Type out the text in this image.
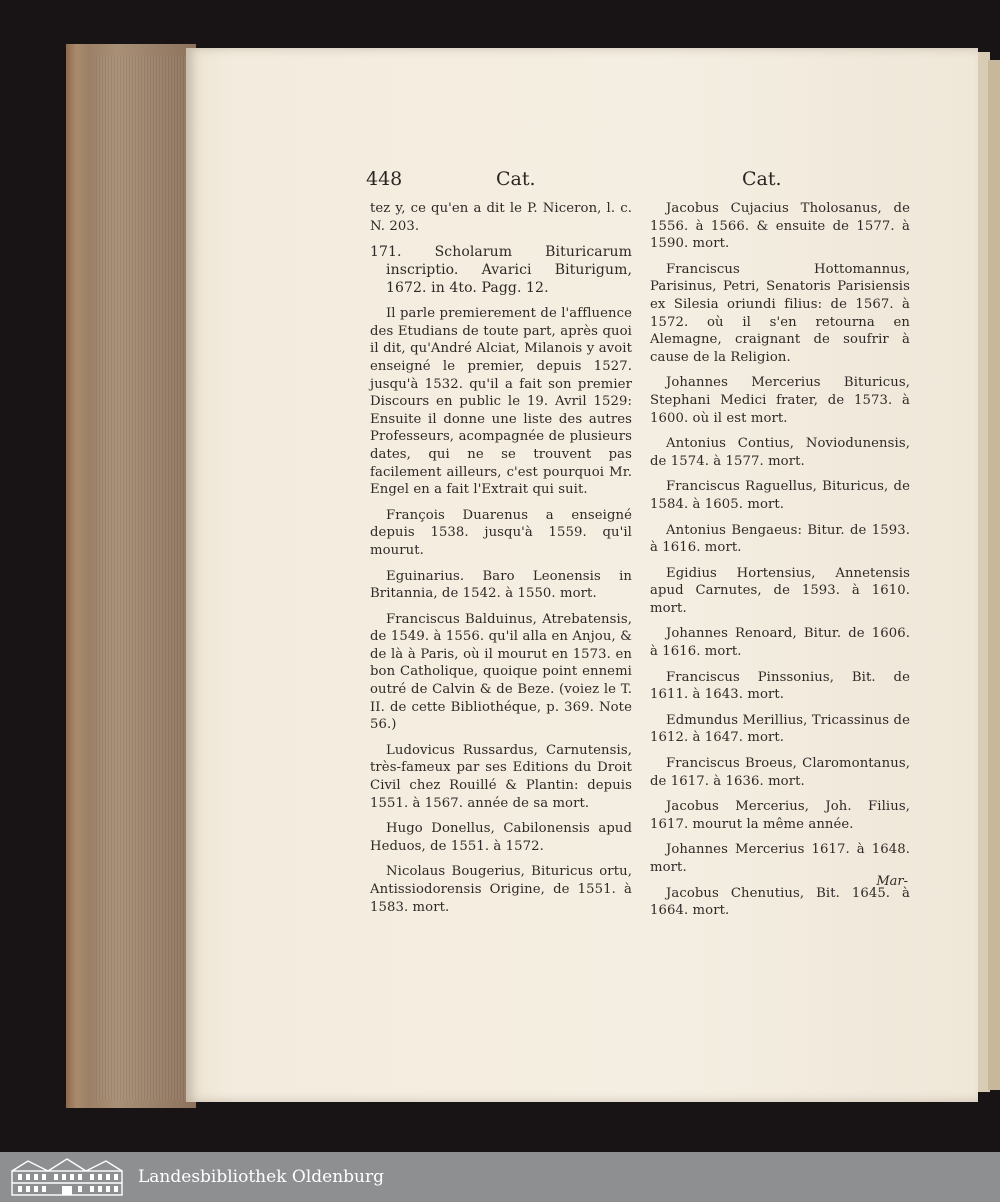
448	Cat.	Cat.

tez y, ce qu'en a dit le P. Niceron, l. c. N. 203.

171. Scholarum Bituricarum inscriptio. Avarici Biturigum, 1672. in 4to. Pagg. 12.

Il parle premierement de l'affluence des Etudians de toute part, après quoi il dit, qu'André Alciat, Milanois y avoit enseigné le premier, depuis 1527. jusqu'à 1532. qu'il a fait son premier Discours en public le 19. Avril 1529: Ensuite il donne une liste des autres Professeurs, acompagnée de plusieurs dates, qui ne se trouvent pas facilement ailleurs, c'est pourquoi Mr. Engel en a fait l'Extrait qui suit.

François Duarenus a enseigné depuis 1538. jusqu'à 1559. qu'il mourut.

Eguinarius. Baro Leonensis in Britannia, de 1542. à 1550. mort.

Franciscus Balduinus, Atrebatensis, de 1549. à 1556. qu'il alla en Anjou, & de là à Paris, où il mourut en 1573. en bon Catholique, quoique point ennemi outré de Calvin & de Beze. (voiez le T. II. de cette Bibliothéque, p. 369. Note 56.)

Ludovicus Russardus, Carnutensis, très-fameux par ses Editions du Droit Civil chez Rouillé & Plantin: depuis 1551. à 1567. année de sa mort.

Hugo Donellus, Cabilonensis apud Heduos, de 1551. à 1572.

Nicolaus Bougerius, Bituricus ortu, Antissiodorensis Origine, de 1551. à 1583. mort.

Jacobus Cujacius Tholosanus, de 1556. à 1566. & ensuite de 1577. à 1590. mort.

Franciscus Hottomannus, Parisinus, Petri, Senatoris Parisiensis ex Silesia oriundi filius: de 1567. à 1572. où il s'en retourna en Alemagne, craignant de soufrir à cause de la Religion.

Johannes Mercerius Bituricus, Stephani Medici frater, de 1573. à 1600. où il est mort.

Antonius Contius, Noviodunensis, de 1574. à 1577. mort.

Franciscus Raguellus, Bituricus, de 1584. à 1605. mort.

Antonius Bengaeus: Bitur. de 1593. à 1616. mort.

Egidius Hortensius, Annetensis apud Carnutes, de 1593. à 1610. mort.

Johannes Renoard, Bitur. de 1606. à 1616. mort.

Franciscus Pinssonius, Bit. de 1611. à 1643. mort.

Edmundus Merillius, Tricassinus de 1612. à 1647. mort.

Franciscus Broeus, Claromontanus, de 1617. à 1636. mort.

Jacobus Mercerius, Joh. Filius, 1617. mourut la même année.

Johannes Mercerius 1617. à 1648. mort.

Jacobus Chenutius, Bit. 1645. à 1664. mort.

Mar-
Landesbibliothek Oldenburg
